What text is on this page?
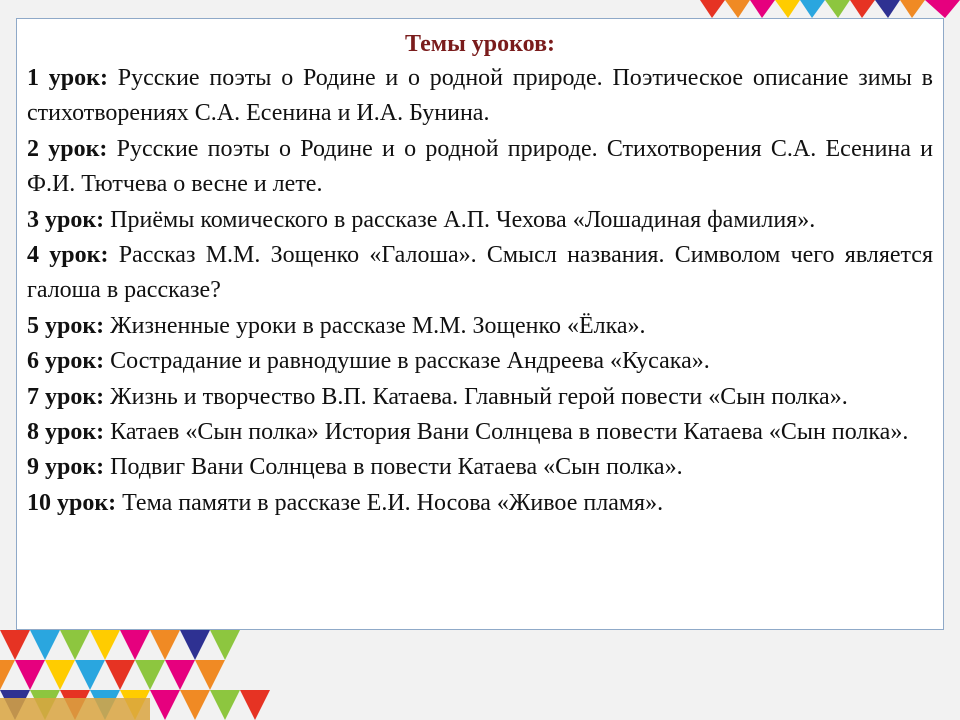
Темы уроков:
1 урок: Русские поэты о Родине и о родной природе. Поэтическое описание зимы в стихотворениях С.А. Есенина и И.А. Бунина.
2 урок: Русские поэты о Родине и о родной природе. Стихотворения С.А. Есенина и Ф.И. Тютчева о весне и лете.
3 урок: Приёмы комического в рассказе А.П. Чехова «Лошадиная фамилия».
4 урок: Рассказ М.М. Зощенко «Галоша». Смысл названия. Символом чего является галоша в рассказе?
5 урок: Жизненные уроки в рассказе М.М. Зощенко «Ёлка».
6 урок: Сострадание и равнодушие в рассказе Андреева «Кусака».
7 урок: Жизнь и творчество В.П. Катаева. Главный герой повести «Сын полка».
8 урок: Катаев «Сын полка» История Вани Солнцева в повести Катаева «Сын полка».
9 урок: Подвиг Вани Солнцева в повести Катаева «Сын полка».
10 урок: Тема памяти в рассказе Е.И. Носова «Живое пламя».
